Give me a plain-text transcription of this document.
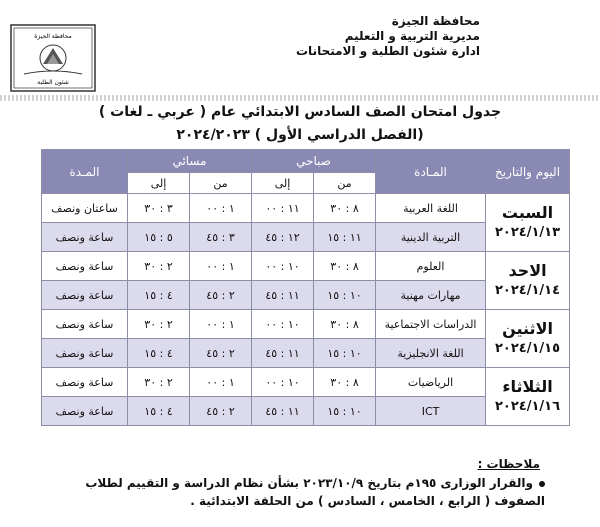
محافظة الجيزة
مديرية التربية و التعليم
ادارة شئون الطلبة و الامتحانات
محافظة الجيزة
شئون الطلبة
جدول امتحان الصف السادس الابتدائي عام ( عربي ـ لغات )
(الفصل الدراسي الأول ) ٢٠٢٤/٢٠٢٣
اليوم والتاريخ	المـادة	صباحي		مسائي		المـدة
		من	إلى	من	إلى	

السبت
٢٠٢٤/١/١٣	اللغة العربية	٨ : ٣٠	١١ : ٠٠	١ : ٠٠	٣ : ٣٠	ساعتان ونصف
	التربية الدينية	١١ : ١٥	١٢ : ٤٥	٣ : ٤٥	٥ : ١٥	ساعة ونصف

الاحد
٢٠٢٤/١/١٤	العلوم	٨ : ٣٠	١٠ : ٠٠	١ : ٠٠	٢ : ٣٠	ساعة ونصف
	مهارات مهنية	١٠ : ١٥	١١ : ٤٥	٢ : ٤٥	٤ : ١٥	ساعة ونصف

الاثنين
٢٠٢٤/١/١٥	الدراسات الاجتماعية	٨ : ٣٠	١٠ : ٠٠	١ : ٠٠	٢ : ٣٠	ساعة ونصف
	اللغة الانجليزية	١٠ : ١٥	١١ : ٤٥	٢ : ٤٥	٤ : ١٥	ساعة ونصف

الثلاثاء
٢٠٢٤/١/١٦	الرياضيات	٨ : ٣٠	١٠ : ٠٠	١ : ٠٠	٢ : ٣٠	ساعة ونصف
	ICT	١٠ : ١٥	١١ : ٤٥	٢ : ٤٥	٤ : ١٥	ساعة ونصف
ملاحظات :
والقرار الوزارى ١٩٥م بتاريخ ٢٠٢٣/١٠/٩ بشأن نظام الدراسة و التقييم لطلاب الصفوف ( الرابع ، الخامس ، السادس ) من الحلقة الابتدائية .
